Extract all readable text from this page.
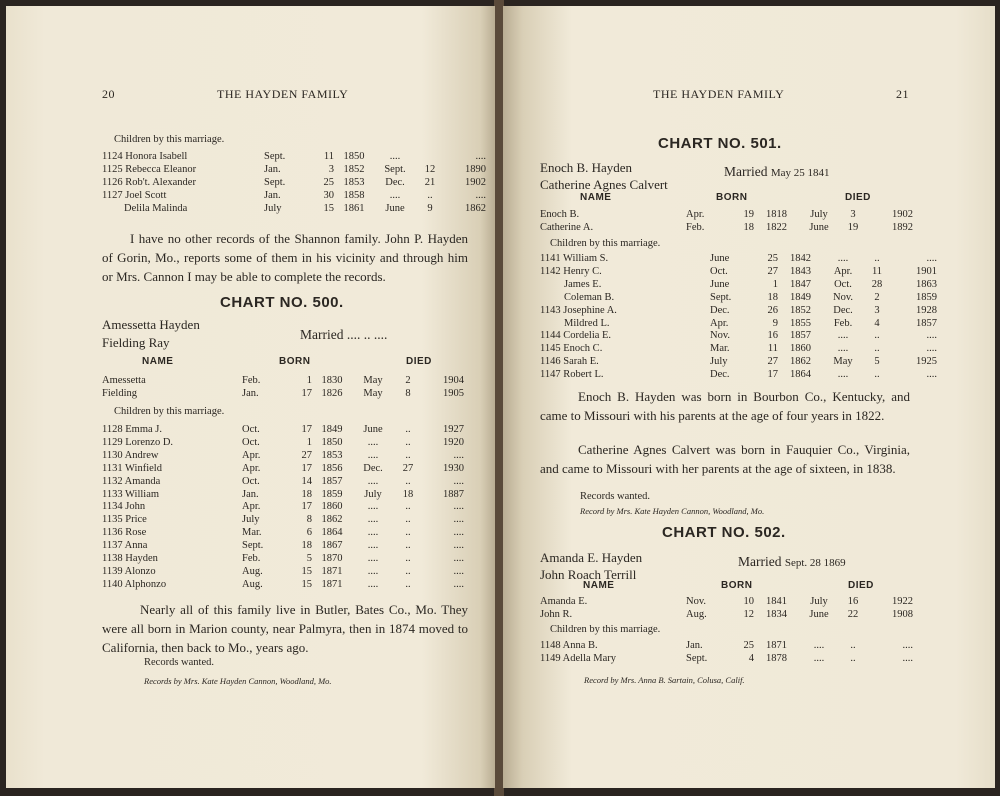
20	THE HAYDEN FAMILY
Children by this marriage.
1124 Honora Isabell	Sept.	11	1850	....		....
1125 Rebecca Eleanor	Jan.	3	1852	Sept.	12	1890
1126 Rob't. Alexander	Sept.	25	1853	Dec.	21	1902
1127 Joel Scott	Jan.	30	1858	....	..	....
Delila Malinda	July	15	1861	June	9	1862
I have no other records of the Shannon family. John P. Hayden of Gorin, Mo., reports some of them in his vicinity and through him or Mrs. Cannon I may be able to complete the records.
CHART NO. 500.
Amessetta Hayden
Fielding Ray
Married .... .. ....
NAME	BORN	DIED
Amessetta	Feb.	1	1830	May	2	1904
Fielding	Jan.	17	1826	May	8	1905
Children by this marriage.
1128 Emma J.	Oct.	17	1849	June	..	1927
1129 Lorenzo D.	Oct.	1	1850	....	..	1920
1130 Andrew	Apr.	27	1853	....	..	....
1131 Winfield	Apr.	17	1856	Dec.	27	1930
1132 Amanda	Oct.	14	1857	....	..	....
1133 William	Jan.	18	1859	July	18	1887
1134 John	Apr.	17	1860	....	..	....
1135 Price	July	8	1862	....	..	....
1136 Rose	Mar.	6	1864	....	..	....
1137 Anna	Sept.	18	1867	....	..	....
1138 Hayden	Feb.	5	1870	....	..	....
1139 Alonzo	Aug.	15	1871	....	..	....
1140 Alphonzo	Aug.	15	1871	....	..	....
Nearly all of this family live in Butler, Bates Co., Mo. They were all born in Marion county, near Palmyra, then in 1874 moved to California, then back to Mo., years ago.
Records wanted.
Records by Mrs. Kate Hayden Cannon, Woodland, Mo.
THE HAYDEN FAMILY	21
CHART NO. 501.
Enoch B. Hayden
Catherine Agnes Calvert
Married May 25 1841
NAME	BORN	DIED
Enoch B.	Apr.	19	1818	July	3	1902
Catherine A.	Feb.	18	1822	June	19	1892
Children by this marriage.
1141 William S.	June	25	1842	....	..	....
1142 Henry C.	Oct.	27	1843	Apr.	11	1901
James E.	June	1	1847	Oct.	28	1863
Coleman B.	Sept.	18	1849	Nov.	2	1859
1143 Josephine A.	Dec.	26	1852	Dec.	3	1928
Mildred L.	Apr.	9	1855	Feb.	4	1857
1144 Cordelia E.	Nov.	16	1857	....	..	....
1145 Enoch C.	Mar.	11	1860	....	..	....
1146 Sarah E.	July	27	1862	May	5	1925
1147 Robert L.	Dec.	17	1864	....	..	....
Enoch B. Hayden was born in Bourbon Co., Kentucky, and came to Missouri with his parents at the age of four years in 1822.
Catherine Agnes Calvert was born in Fauquier Co., Virginia, and came to Missouri with her parents at the age of sixteen, in 1838.
Records wanted.
Record by Mrs. Kate Hayden Cannon, Woodland, Mo.
CHART NO. 502.
Amanda E. Hayden
John Roach Terrill
Married Sept. 28 1869
NAME	BORN	DIED
Amanda E.	Nov.	10	1841	July	16	1922
John R.	Aug.	12	1834	June	22	1908
Children by this marriage.
1148 Anna B.	Jan.	25	1871	....	..	....
1149 Adella Mary	Sept.	4	1878	....	..	....
Record by Mrs. Anna B. Sartain, Colusa, Calif.
